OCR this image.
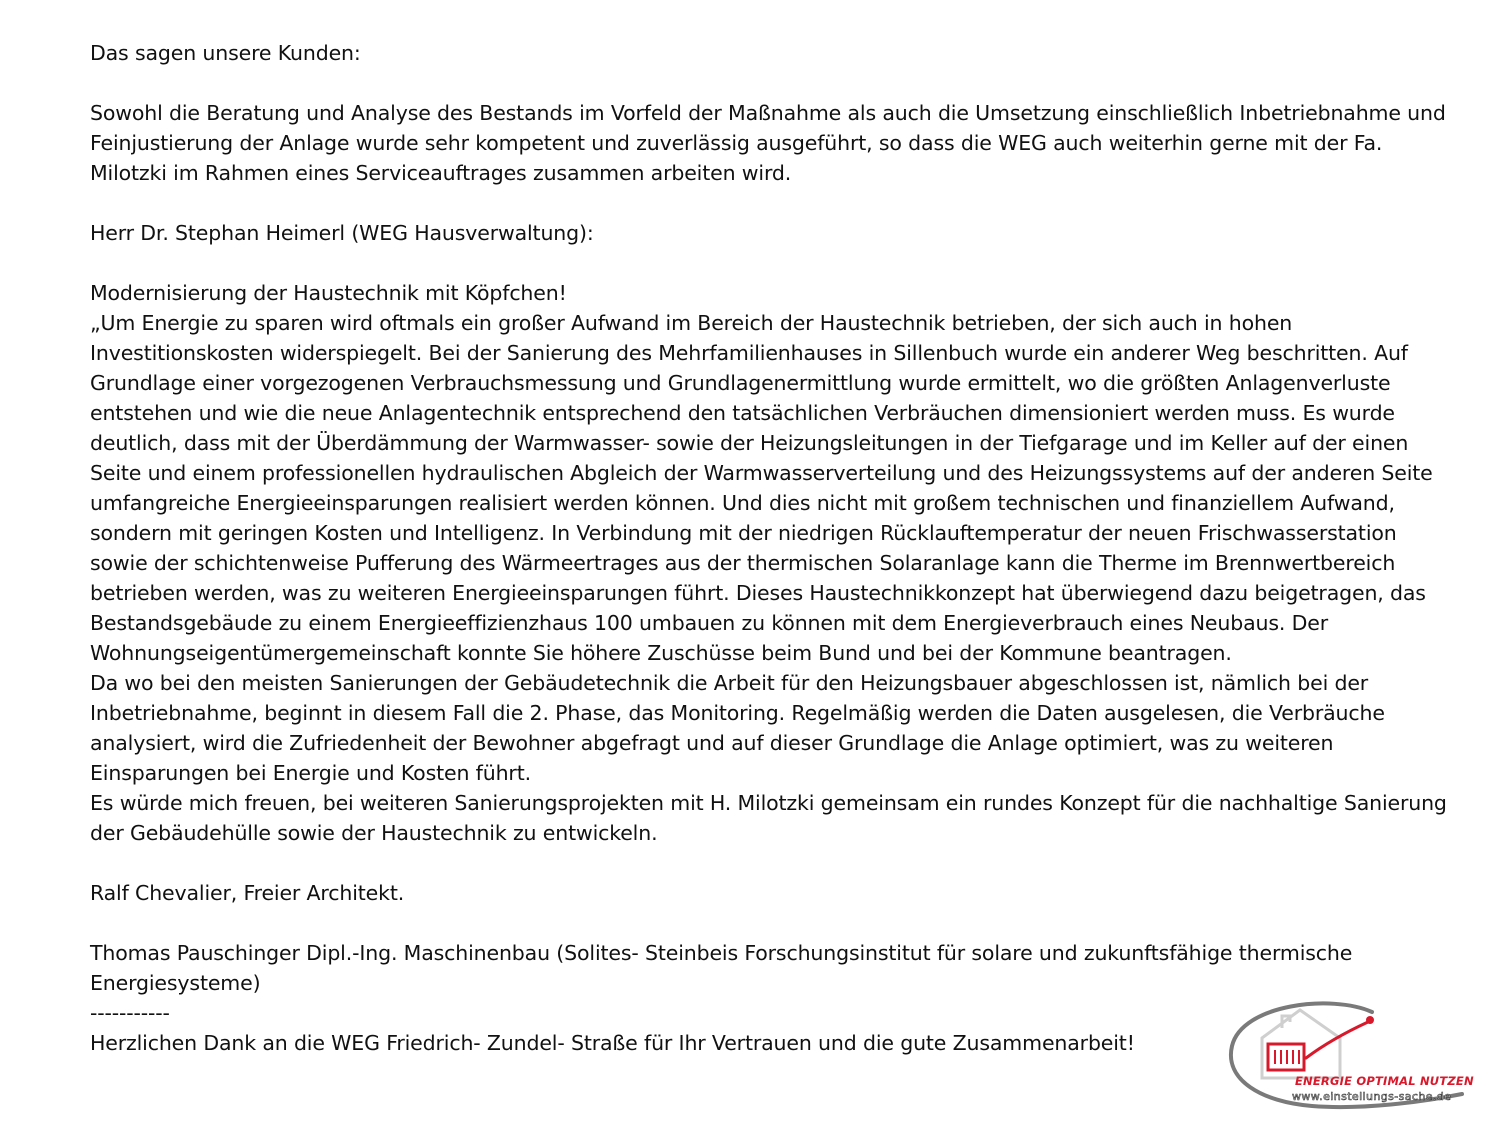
Das sagen unsere Kunden:
Sowohl die Beratung und Analyse des Bestands im Vorfeld der Maßnahme als auch die Umsetzung einschließlich Inbetriebnahme und
Feinjustierung der Anlage wurde sehr kompetent und zuverlässig ausgeführt, so dass die WEG auch weiterhin gerne mit der Fa.
Milotzki im Rahmen eines Serviceauftrages zusammen arbeiten wird.
Herr Dr. Stephan Heimerl (WEG Hausverwaltung):
Modernisierung der Haustechnik mit Köpfchen!
„Um Energie zu sparen wird oftmals ein großer Aufwand im Bereich der Haustechnik betrieben, der sich auch in hohen
Investitionskosten widerspiegelt. Bei der Sanierung des Mehrfamilienhauses in Sillenbuch wurde ein anderer Weg beschritten. Auf
Grundlage einer vorgezogenen Verbrauchsmessung und Grundlagenermittlung wurde ermittelt, wo die größten Anlagenverluste
entstehen und wie die neue Anlagentechnik entsprechend den tatsächlichen Verbräuchen dimensioniert werden muss. Es wurde
deutlich, dass mit der Überdämmung der Warmwasser- sowie der Heizungsleitungen in der Tiefgarage und im Keller auf der einen
Seite und einem professionellen hydraulischen Abgleich der Warmwasserverteilung und des Heizungssystems auf der anderen Seite
umfangreiche Energieeinsparungen realisiert werden können. Und dies nicht mit großem technischen und finanziellem Aufwand,
sondern mit geringen Kosten und Intelligenz. In Verbindung mit der niedrigen Rücklauftemperatur der neuen Frischwasserstation
sowie der schichtenweise Pufferung des Wärmeertrages aus der thermischen Solaranlage kann die Therme im Brennwertbereich
betrieben werden, was zu weiteren Energieeinsparungen führt. Dieses Haustechnikkonzept hat überwiegend dazu beigetragen, das
Bestandsgebäude zu einem Energieeffizienzhaus 100 umbauen zu können mit dem Energieverbrauch eines Neubaus. Der
Wohnungseigentümergemeinschaft konnte Sie höhere Zuschüsse beim Bund und bei der Kommune beantragen.
Da wo bei den meisten Sanierungen der Gebäudetechnik die Arbeit für den Heizungsbauer abgeschlossen ist, nämlich bei der
Inbetriebnahme, beginnt in diesem Fall die 2. Phase, das Monitoring. Regelmäßig werden die Daten ausgelesen, die Verbräuche
analysiert, wird die Zufriedenheit der Bewohner abgefragt und auf dieser Grundlage die Anlage optimiert, was zu weiteren
Einsparungen bei Energie und Kosten führt.
Es würde mich freuen, bei weiteren Sanierungsprojekten mit H. Milotzki gemeinsam ein rundes Konzept für die nachhaltige Sanierung
der Gebäudehülle sowie der Haustechnik zu entwickeln.
Ralf Chevalier, Freier Architekt.
Thomas Pauschinger Dipl.-Ing. Maschinenbau (Solites- Steinbeis Forschungsinstitut für solare und zukunftsfähige thermische
Energiesysteme)
-----------
Herzlichen Dank an die WEG Friedrich- Zundel- Straße für Ihr Vertrauen und die gute Zusammenarbeit!
ENERGIE OPTIMAL NUTZEN
www.einstellungs-sache.de
